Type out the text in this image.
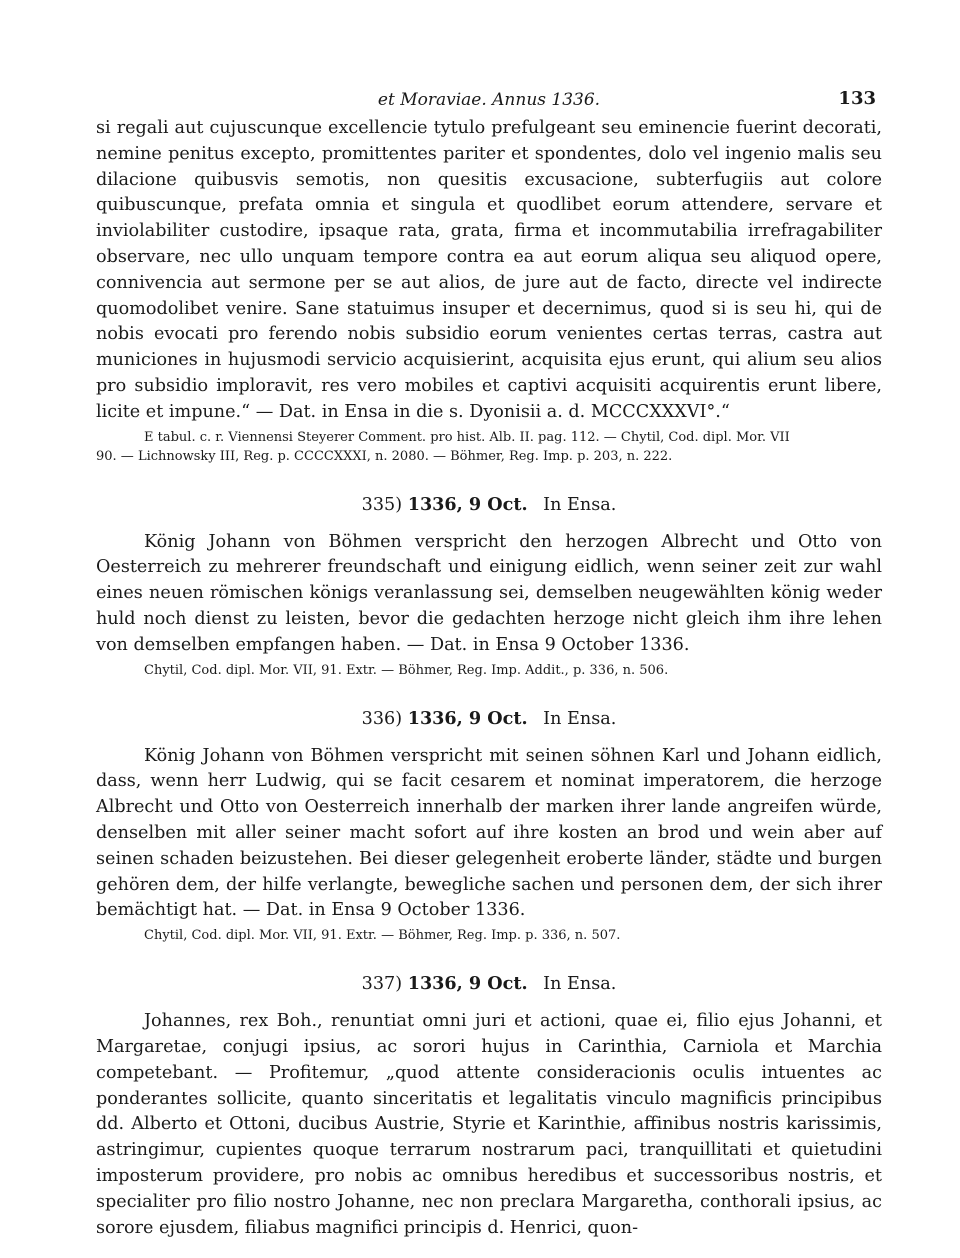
et Moraviae. Annus 1336.	133

si regali aut cujuscunque excellencie tytulo prefulgeant seu eminencie fuerint decorati, nemine penitus excepto, promittentes pariter et spondentes, dolo vel ingenio malis seu dilacione quibusvis semotis, non quesitis excusacione, subterfugiis aut colore quibuscunque, prefata omnia et singula et quodlibet eorum attendere, servare et inviolabiliter custodire, ipsaque rata, grata, firma et incommutabilia irrefragabiliter observare, nec ullo unquam tempore contra ea aut eorum aliqua seu aliquod opere, connivencia aut sermone per se aut alios, de jure aut de facto, directe vel indirecte quomodolibet venire. Sane statuimus insuper et decernimus, quod si is seu hi, qui de nobis evocati pro ferendo nobis subsidio eorum venientes certas terras, castra aut municiones in hujusmodi servicio acquisierint, acquisita ejus erunt, qui alium seu alios pro subsidio imploravit, res vero mobiles et captivi acquisiti acquirentis erunt libere, licite et impune.“ — Dat. in Ensa in die s. Dyonisii a. d. MCCCXXXVI°.“

E tabul. c. r. Viennensi Steyerer Comment. pro hist. Alb. II. pag. 112. — Chytil, Cod. dipl. Mor. VII
90. — Lichnowsky III, Reg. p. CCCCXXXI, n. 2080. — Böhmer, Reg. Imp. p. 203, n. 222.
335) 1336, 9 Oct. In Ensa.

König Johann von Böhmen verspricht den herzogen Albrecht und Otto von Oesterreich zu mehrerer freundschaft und einigung eidlich, wenn seiner zeit zur wahl eines neuen römischen königs veranlassung sei, demselben neugewählten könig weder huld noch dienst zu leisten, bevor die gedachten herzoge nicht gleich ihm ihre lehen von demselben empfangen haben. — Dat. in Ensa 9 October 1336.

Chytil, Cod. dipl. Mor. VII, 91. Extr. — Böhmer, Reg. Imp. Addit., p. 336, n. 506.
336) 1336, 9 Oct. In Ensa.

König Johann von Böhmen verspricht mit seinen söhnen Karl und Johann eidlich, dass, wenn herr Ludwig, qui se facit cesarem et nominat imperatorem, die herzoge Albrecht und Otto von Oesterreich innerhalb der marken ihrer lande angreifen würde, denselben mit aller seiner macht sofort auf ihre kosten an brod und wein aber auf seinen schaden beizustehen. Bei dieser gelegenheit eroberte länder, städte und burgen gehören dem, der hilfe verlangte, bewegliche sachen und personen dem, der sich ihrer bemächtigt hat. — Dat. in Ensa 9 October 1336.

Chytil, Cod. dipl. Mor. VII, 91. Extr. — Böhmer, Reg. Imp. p. 336, n. 507.
337) 1336, 9 Oct. In Ensa.

Johannes, rex Boh., renuntiat omni juri et actioni, quae ei, filio ejus Johanni, et Margaretae, conjugi ipsius, ac sorori hujus in Carinthia, Carniola et Marchia competebant. — Profitemur, „quod attente consideracionis oculis intuentes ac ponderantes sollicite, quanto sinceritatis et legalitatis vinculo magnificis principibus dd. Alberto et Ottoni, ducibus Austrie, Styrie et Karinthie, affinibus nostris karissimis, astringimur, cupientes quoque terrarum nostrarum paci, tranquillitati et quietudini imposterum providere, pro nobis ac omnibus heredibus et successoribus nostris, et specialiter pro filio nostro Johanne, nec non preclara Margaretha, conthorali ipsius, ac sorore ejusdem, filiabus magnifici principis d. Henrici, quon-
